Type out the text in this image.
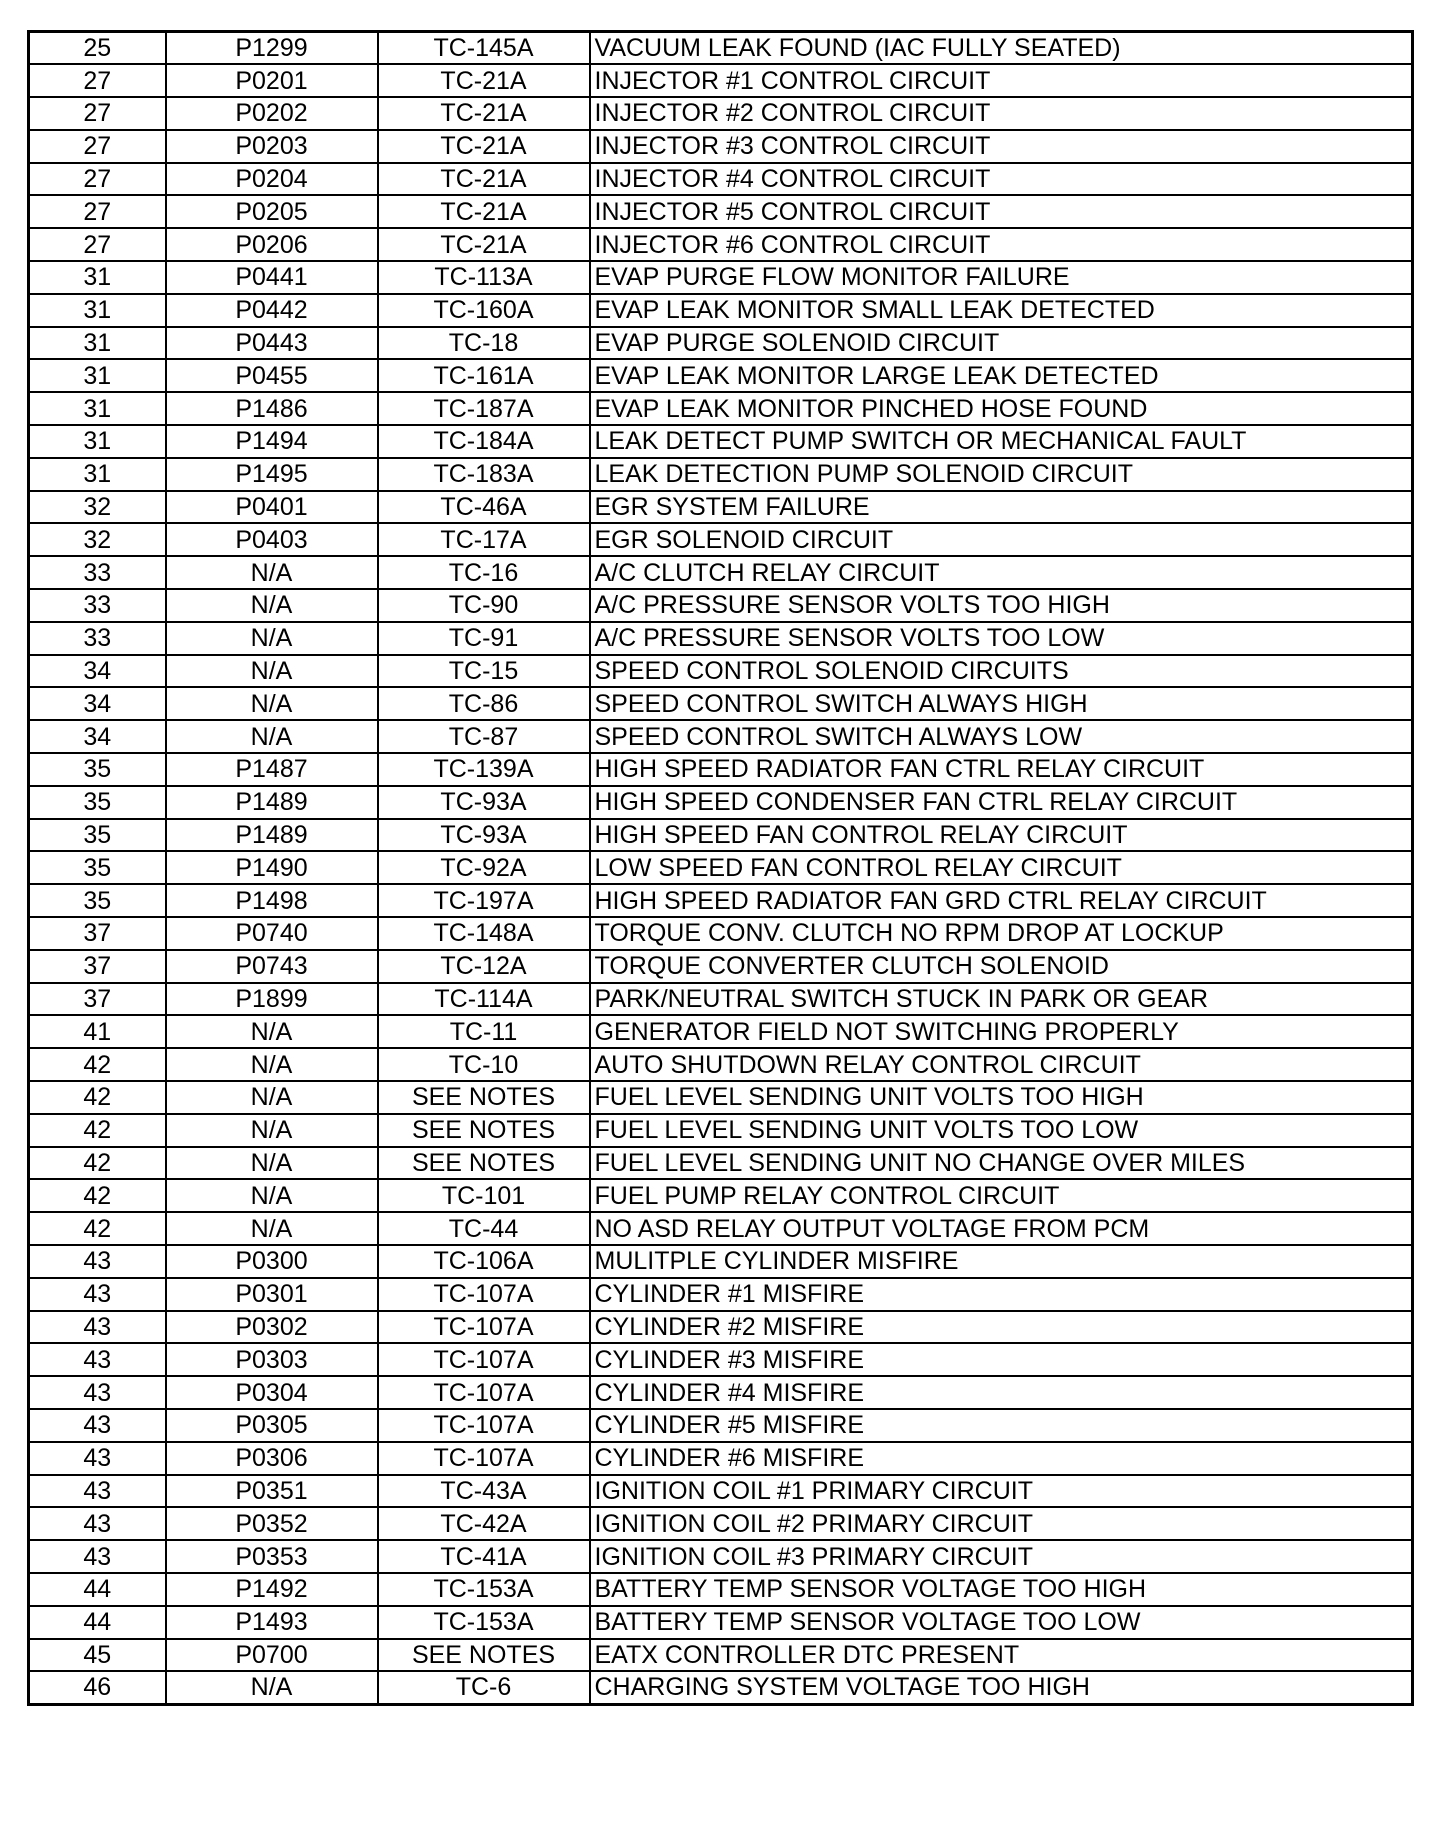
25	P1299	TC-145A	VACUUM LEAK FOUND (IAC FULLY SEATED)
27	P0201	TC-21A	INJECTOR #1 CONTROL CIRCUIT
27	P0202	TC-21A	INJECTOR #2 CONTROL CIRCUIT
27	P0203	TC-21A	INJECTOR #3 CONTROL CIRCUIT
27	P0204	TC-21A	INJECTOR #4 CONTROL CIRCUIT
27	P0205	TC-21A	INJECTOR #5 CONTROL CIRCUIT
27	P0206	TC-21A	INJECTOR #6 CONTROL CIRCUIT
31	P0441	TC-113A	EVAP PURGE FLOW MONITOR FAILURE
31	P0442	TC-160A	EVAP LEAK MONITOR SMALL LEAK DETECTED
31	P0443	TC-18	EVAP PURGE SOLENOID CIRCUIT
31	P0455	TC-161A	EVAP LEAK MONITOR LARGE LEAK DETECTED
31	P1486	TC-187A	EVAP LEAK MONITOR PINCHED HOSE FOUND
31	P1494	TC-184A	LEAK DETECT PUMP SWITCH OR MECHANICAL FAULT
31	P1495	TC-183A	LEAK DETECTION PUMP SOLENOID CIRCUIT
32	P0401	TC-46A	EGR SYSTEM FAILURE
32	P0403	TC-17A	EGR SOLENOID CIRCUIT
33	N/A	TC-16	A/C CLUTCH RELAY CIRCUIT
33	N/A	TC-90	A/C PRESSURE SENSOR VOLTS TOO HIGH
33	N/A	TC-91	A/C PRESSURE SENSOR VOLTS TOO LOW
34	N/A	TC-15	SPEED CONTROL SOLENOID CIRCUITS
34	N/A	TC-86	SPEED CONTROL SWITCH ALWAYS HIGH
34	N/A	TC-87	SPEED CONTROL SWITCH ALWAYS LOW
35	P1487	TC-139A	HIGH SPEED RADIATOR FAN CTRL RELAY CIRCUIT
35	P1489	TC-93A	HIGH SPEED CONDENSER FAN CTRL RELAY CIRCUIT
35	P1489	TC-93A	HIGH SPEED FAN CONTROL RELAY CIRCUIT
35	P1490	TC-92A	LOW SPEED FAN CONTROL RELAY CIRCUIT
35	P1498	TC-197A	HIGH SPEED RADIATOR FAN GRD CTRL RELAY CIRCUIT
37	P0740	TC-148A	TORQUE CONV. CLUTCH NO RPM DROP AT LOCKUP
37	P0743	TC-12A	TORQUE CONVERTER CLUTCH SOLENOID
37	P1899	TC-114A	PARK/NEUTRAL SWITCH STUCK IN PARK OR GEAR
41	N/A	TC-11	GENERATOR FIELD NOT SWITCHING PROPERLY
42	N/A	TC-10	AUTO SHUTDOWN RELAY CONTROL CIRCUIT
42	N/A	SEE NOTES	FUEL LEVEL SENDING UNIT VOLTS TOO HIGH
42	N/A	SEE NOTES	FUEL LEVEL SENDING UNIT VOLTS TOO LOW
42	N/A	SEE NOTES	FUEL LEVEL SENDING UNIT NO CHANGE OVER MILES
42	N/A	TC-101	FUEL PUMP RELAY CONTROL CIRCUIT
42	N/A	TC-44	NO ASD RELAY OUTPUT VOLTAGE FROM PCM
43	P0300	TC-106A	MULITPLE CYLINDER MISFIRE
43	P0301	TC-107A	CYLINDER #1 MISFIRE
43	P0302	TC-107A	CYLINDER #2 MISFIRE
43	P0303	TC-107A	CYLINDER #3 MISFIRE
43	P0304	TC-107A	CYLINDER #4 MISFIRE
43	P0305	TC-107A	CYLINDER #5 MISFIRE
43	P0306	TC-107A	CYLINDER #6 MISFIRE
43	P0351	TC-43A	IGNITION COIL #1 PRIMARY CIRCUIT
43	P0352	TC-42A	IGNITION COIL #2 PRIMARY CIRCUIT
43	P0353	TC-41A	IGNITION COIL #3 PRIMARY CIRCUIT
44	P1492	TC-153A	BATTERY TEMP SENSOR VOLTAGE TOO HIGH
44	P1493	TC-153A	BATTERY TEMP SENSOR VOLTAGE TOO LOW
45	P0700	SEE NOTES	EATX CONTROLLER DTC PRESENT
46	N/A	TC-6	CHARGING SYSTEM VOLTAGE TOO HIGH
